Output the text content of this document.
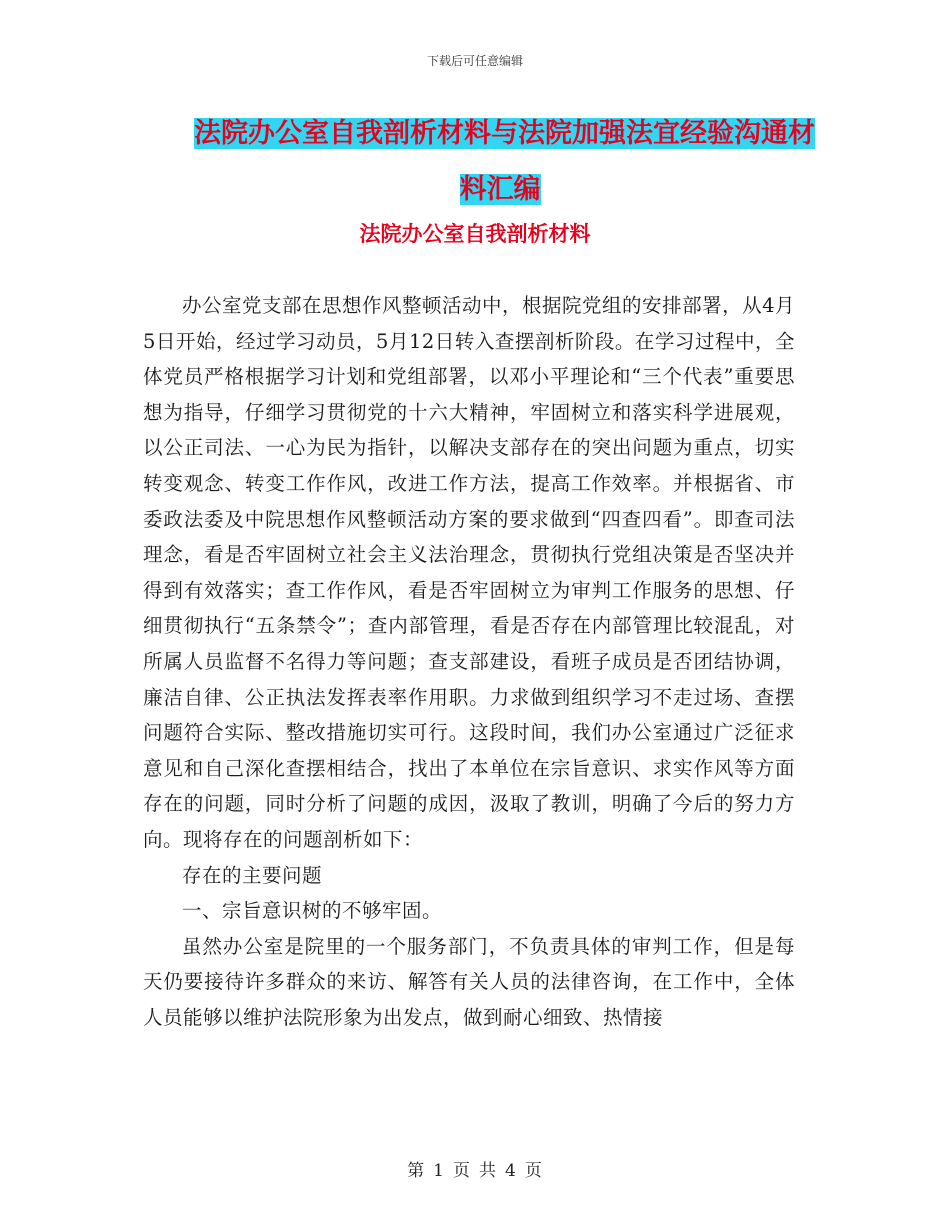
下载后可任意编辑
法院办公室自我剖析材料与法院加强法宜经验沟通材
料汇编
法院办公室自我剖析材料

办公室党支部在思想作风整顿活动中，根据院党组的安排部署，从4月5日开始，经过学习动员，5月12日转入查摆剖析阶段。在学习过程中，全体党员严格根据学习计划和党组部署，以邓小平理论和“三个代表”重要思想为指导，仔细学习贯彻党的十六大精神，牢固树立和落实科学进展观，以公正司法、一心为民为指针，以解决支部存在的突出问题为重点，切实转变观念、转变工作作风，改进工作方法，提高工作效率。并根据省、市委政法委及中院思想作风整顿活动方案的要求做到“四查四看”。即查司法理念，看是否牢固树立社会主义法治理念，贯彻执行党组决策是否坚决并得到有效落实；查工作作风，看是否牢固树立为审判工作服务的思想、仔细贯彻执行“五条禁令”；查内部管理，看是否存在内部管理比较混乱，对所属人员监督不名得力等问题；查支部建设，看班子成员是否团结协调，廉洁自律、公正执法发挥表率作用职。力求做到组织学习不走过场、查摆问题符合实际、整改措施切实可行。这段时间，我们办公室通过广泛征求意见和自己深化查摆相结合，找出了本单位在宗旨意识、求实作风等方面存在的问题，同时分析了问题的成因，汲取了教训，明确了今后的努力方向。现将存在的问题剖析如下：

存在的主要问题

一、宗旨意识树的不够牢固。

虽然办公室是院里的一个服务部门，不负责具体的审判工作，但是每天仍要接待许多群众的来访、解答有关人员的法律咨询，在工作中，全体人员能够以维护法院形象为出发点，做到耐心细致、热情接

第 1 页 共 4 页
